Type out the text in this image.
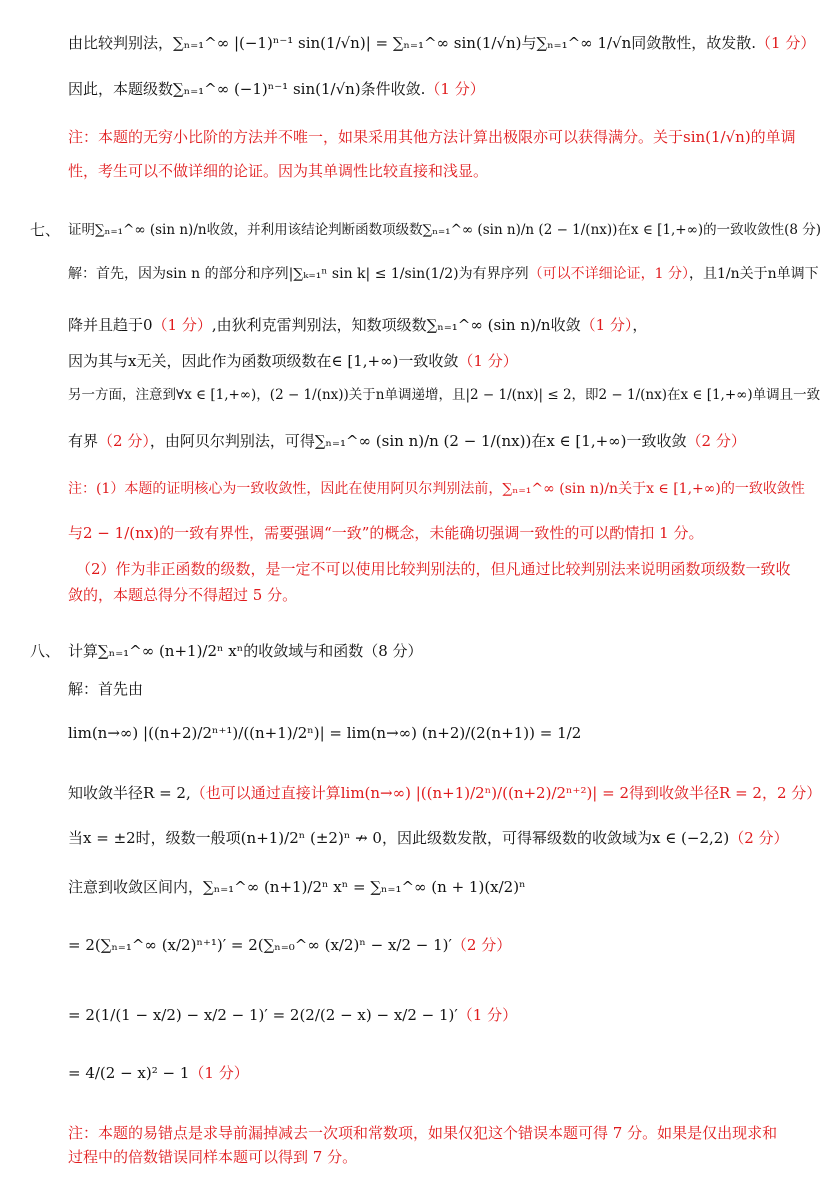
由比较判别法，∑ₙ₌₁^∞ |(−1)ⁿ⁻¹ sin(1/√n)| = ∑ₙ₌₁^∞ sin(1/√n)与∑ₙ₌₁^∞ 1/√n同敛散性，故发散.（1 分）
因此，本题级数∑ₙ₌₁^∞ (−1)ⁿ⁻¹ sin(1/√n)条件收敛.（1 分）
注：本题的无穷小比阶的方法并不唯一，如果采用其他方法计算出极限亦可以获得满分。关于sin(1/√n)的单调
性，考生可以不做详细的论证。因为其单调性比较直接和浅显。
七、 证明∑ₙ₌₁^∞ (sin n)/n收敛，并利用该结论判断函数项级数∑ₙ₌₁^∞ (sin n)/n (2 − 1/(nx))在x ∈ [1,+∞)的一致收敛性(8 分)
解：首先，因为sin n 的部分和序列|∑ₖ₌₁ⁿ sin k| ≤ 1/sin(1/2)为有界序列（可以不详细论证，1 分），且1/n关于n单调下
降并且趋于0（1 分）,由狄利克雷判别法，知数项级数∑ₙ₌₁^∞ (sin n)/n收敛（1 分），
因为其与x无关，因此作为函数项级数在∈ [1,+∞)一致收敛（1 分）
另一方面，注意到∀x ∈ [1,+∞)，(2 − 1/(nx))关于n单调递增，且|2 − 1/(nx)| ≤ 2，即2 − 1/(nx)在x ∈ [1,+∞)单调且一致
有界（2 分），由阿贝尔判别法，可得∑ₙ₌₁^∞ (sin n)/n (2 − 1/(nx))在x ∈ [1,+∞)一致收敛（2 分）
注：(1）本题的证明核心为一致收敛性，因此在使用阿贝尔判别法前，∑ₙ₌₁^∞ (sin n)/n关于x ∈ [1,+∞)的一致收敛性
与2 − 1/(nx)的一致有界性，需要强调“一致”的概念，未能确切强调一致性的可以酌情扣 1 分。
（2）作为非正函数的级数，是一定不可以使用比较判别法的，但凡通过比较判别法来说明函数项级数一致收
敛的，本题总得分不得超过 5 分。
八、 计算∑ₙ₌₁^∞ (n+1)/2ⁿ xⁿ的收敛域与和函数（8 分）
解：首先由
lim(n→∞) |((n+2)/2ⁿ⁺¹)/((n+1)/2ⁿ)| = lim(n→∞) (n+2)/(2(n+1)) = 1/2
知收敛半径R = 2,（也可以通过直接计算lim(n→∞) |((n+1)/2ⁿ)/((n+2)/2ⁿ⁺²)| = 2得到收敛半径R = 2，2 分）
当x = ±2时，级数一般项(n+1)/2ⁿ (±2)ⁿ ↛ 0，因此级数发散，可得幂级数的收敛域为x ∈ (−2,2)（2 分）
注意到收敛区间内，∑ₙ₌₁^∞ (n+1)/2ⁿ xⁿ = ∑ₙ₌₁^∞ (n + 1)(x/2)ⁿ
= 2(∑ₙ₌₁^∞ (x/2)ⁿ⁺¹)′ = 2(∑ₙ₌₀^∞ (x/2)ⁿ − x/2 − 1)′（2 分）
= 2(1/(1 − x/2) − x/2 − 1)′ = 2(2/(2 − x) − x/2 − 1)′（1 分）
= 4/(2 − x)² − 1（1 分）
注：本题的易错点是求导前漏掉减去一次项和常数项，如果仅犯这个错误本题可得 7 分。如果是仅出现求和
过程中的倍数错误同样本题可以得到 7 分。
